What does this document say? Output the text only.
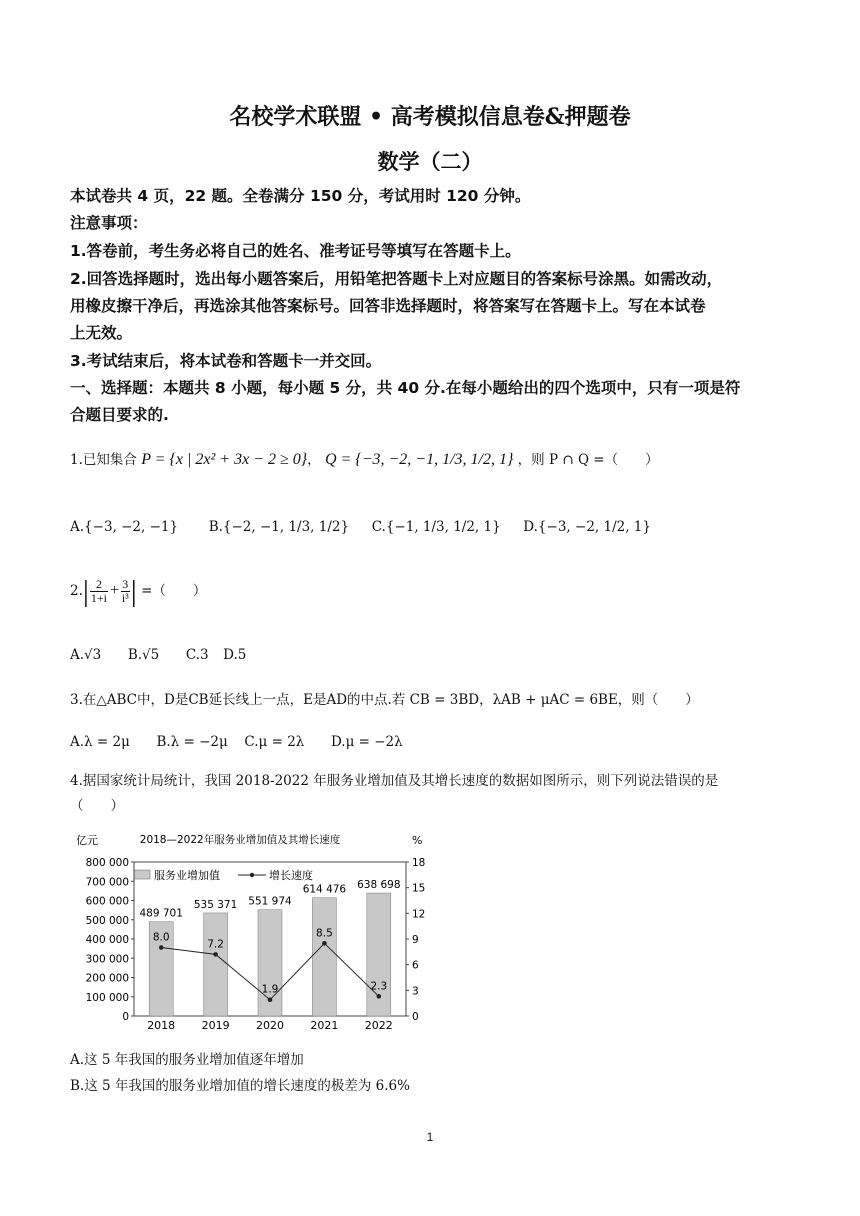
名校学术联盟 • 高考模拟信息卷&押题卷
数学（二）
本试卷共 4 页，22 题。全卷满分 150 分，考试用时 120 分钟。
注意事项：
1.答卷前，考生务必将自己的姓名、准考证号等填写在答题卡上。
2.回答选择题时，选出每小题答案后，用铅笔把答题卡上对应题目的答案标号涂黑。如需改动，
用橡皮擦干净后，再选涂其他答案标号。回答非选择题时，将答案写在答题卡上。写在本试卷
上无效。
3.考试结束后，将本试卷和答题卡一并交回。
一、选择题：本题共 8 小题，每小题 5 分，共 40 分.在每小题给出的四个选项中，只有一项是符
合题目要求的.
1.已知集合 P = {x | 2x² + 3x − 2 ≥ 0}， Q = {−3, −2, −1, 1/3, 1/2, 1} ，则 P ∩ Q =（　　）
A.{−3, −2, −1} B.{−2, −1, 1/3, 1/2} C.{−1, 1/3, 1/2, 1} D.{−3, −2, 1/2, 1}
$2.| \frac{2}{1+i} + \frac{3}{\text{i³}}$ | =（　　）
A.√3 B.√5 C.3 D.5
3.在△ABC中，D是CB延长线上一点，E是AD的中点.若 CB = 3BD，λAB + μAC = 6BE，则（　　）
A.λ = 2μ B.λ = −2μ C.μ = 2λ D.μ = −2λ
4.据国家统计局统计，我国 2018-2022 年服务业增加值及其增长速度的数据如图所示，则下列说法错误的是
（　　）
亿元	2018—2022年服务业增加值及其增长速度	%
服务业增加值	增长速度
0
100 000
200 000
300 000
400 000
500 000
600 000
700 000
800 000
0
3
6
9
12
15
18
489 701
2018
535 371
2019
551 974
2020
614 476
2021
638 698
2022
8.0
7.2
1.9
8.5
2.3
A.这 5 年我国的服务业增加值逐年增加
B.这 5 年我国的服务业增加值的增长速度的极差为 6.6%
1
